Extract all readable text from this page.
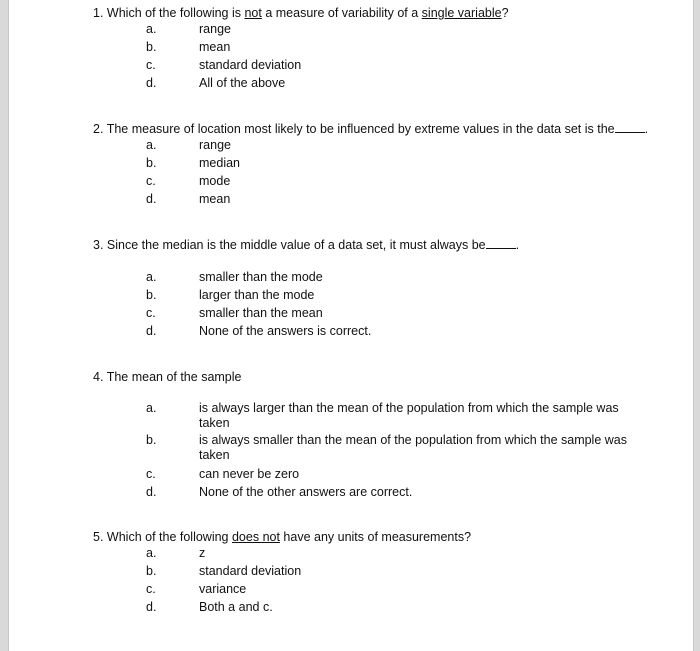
1. Which of the following is not a measure of variability of a single variable?
a.	range
b.	mean
c.	standard deviation
d.	All of the above
2. The measure of location most likely to be influenced by extreme values in the data set is the .
a.	range
b.	median
c.	mode
d.	mean
3. Since the median is the middle value of a data set, it must always be .
a.	smaller than the mode
b.	larger than the mode
c.	smaller than the mean
d.	None of the answers is correct.
4. The mean of the sample
a.	is always larger than the mean of the population from which the sample was taken
b.	is always smaller than the mean of the population from which the sample was taken
c.	can never be zero
d.	None of the other answers are correct.
5. Which of the following does not have any units of measurements?
a.	z
b.	standard deviation
c.	variance
d.	Both a and c.
